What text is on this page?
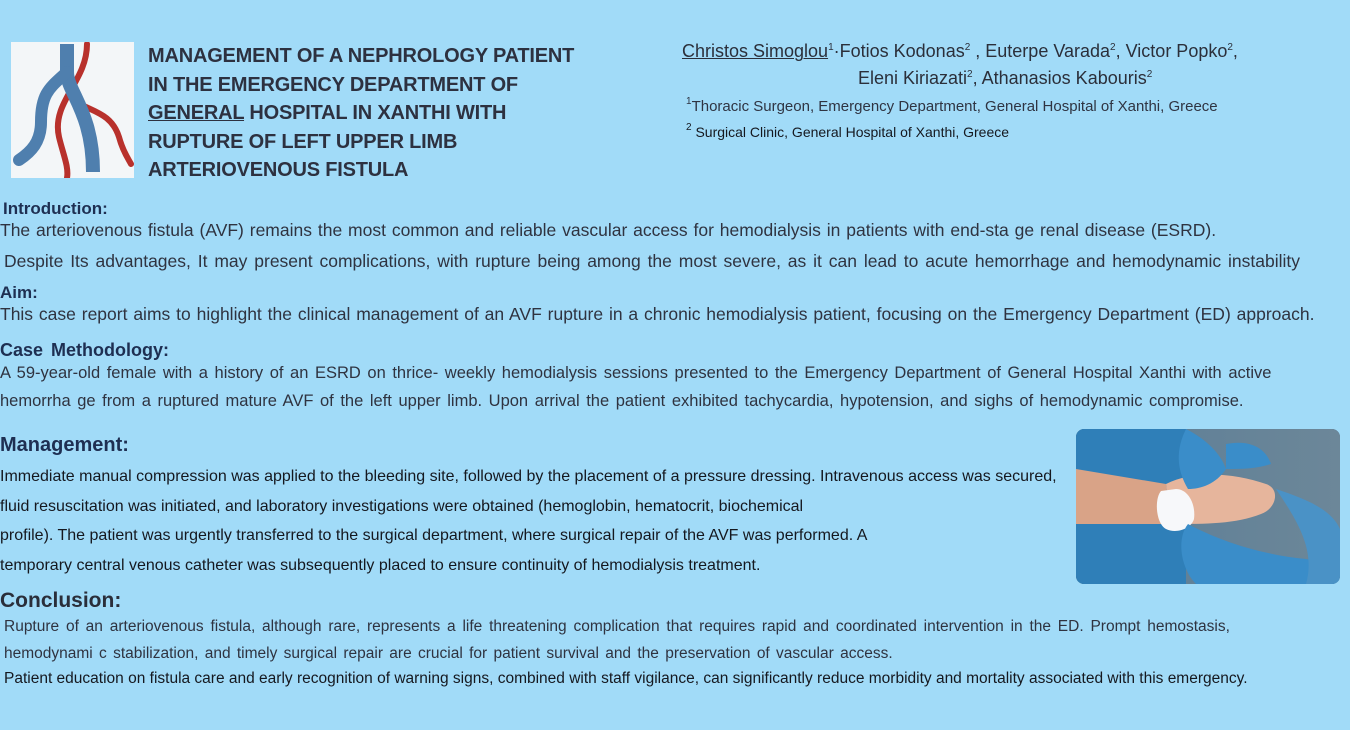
MANAGEMENT OF A NEPHROLOGY PATIENT
IN THE EMERGENCY DEPARTMENT OF
GENERAL HOSPITAL IN XANTHI WITH
RUPTURE OF LEFT UPPER LIMB
ARTERIOVENOUS FISTULA
Christos Simoglou$^1$·Fotios Kodonas$^2$ , Euterpe Varada$^2$, Victor Popko$^2$,
Eleni Kiriazati$^2$, Athanasios Kabouris$^2$
$^1$Thoracic Surgeon, Emergency Department, General Hospital of Xanthi, Greece
$^2$ Surgical Clinic, General Hospital of Xanthi, Greece
Introduction:
The arteriovenous fistula (AVF) remains the most common and reliable vascular access for hemodialysis in patients with end-sta ge renal disease (ESRD).
Despite Its advantages, It may present complications, with rupture being among the most severe, as it can lead to acute hemorrhage and hemodynamic instability
Aim:
This case report aims to highlight the clinical management of an AVF rupture in a chronic hemodialysis patient, focusing on the Emergency Department (ED) approach.
Case Methodology:
A 59-year-old female with a history of an ESRD on thrice- weekly hemodialysis sessions presented to the Emergency Department of General Hospital Xanthi with active
hemorrha ge from a ruptured mature AVF of the left upper limb. Upon arrival the patient exhibited tachycardia, hypotension, and sighs of hemodynamic compromise.
Management:
Immediate manual compression was applied to the bleeding site, followed by the placement of a pressure dressing. Intravenous access was secured,
fluid resuscitation was initiated, and laboratory investigations were obtained (hemoglobin, hematocrit, biochemical
profile). The patient was urgently transferred to the surgical department, where surgical repair of the AVF was performed. A
temporary central venous catheter was subsequently placed to ensure continuity of hemodialysis treatment.
Conclusion:
Rupture of an arteriovenous fistula, although rare, represents a life threatening complication that requires rapid and coordinated intervention in the ED. Prompt hemostasis,
hemodynami c stabilization, and timely surgical repair are crucial for patient survival and the preservation of vascular access.
Patient education on fistula care and early recognition of warning signs, combined with staff vigilance, can significantly reduce morbidity and mortality associated with this emergency.
